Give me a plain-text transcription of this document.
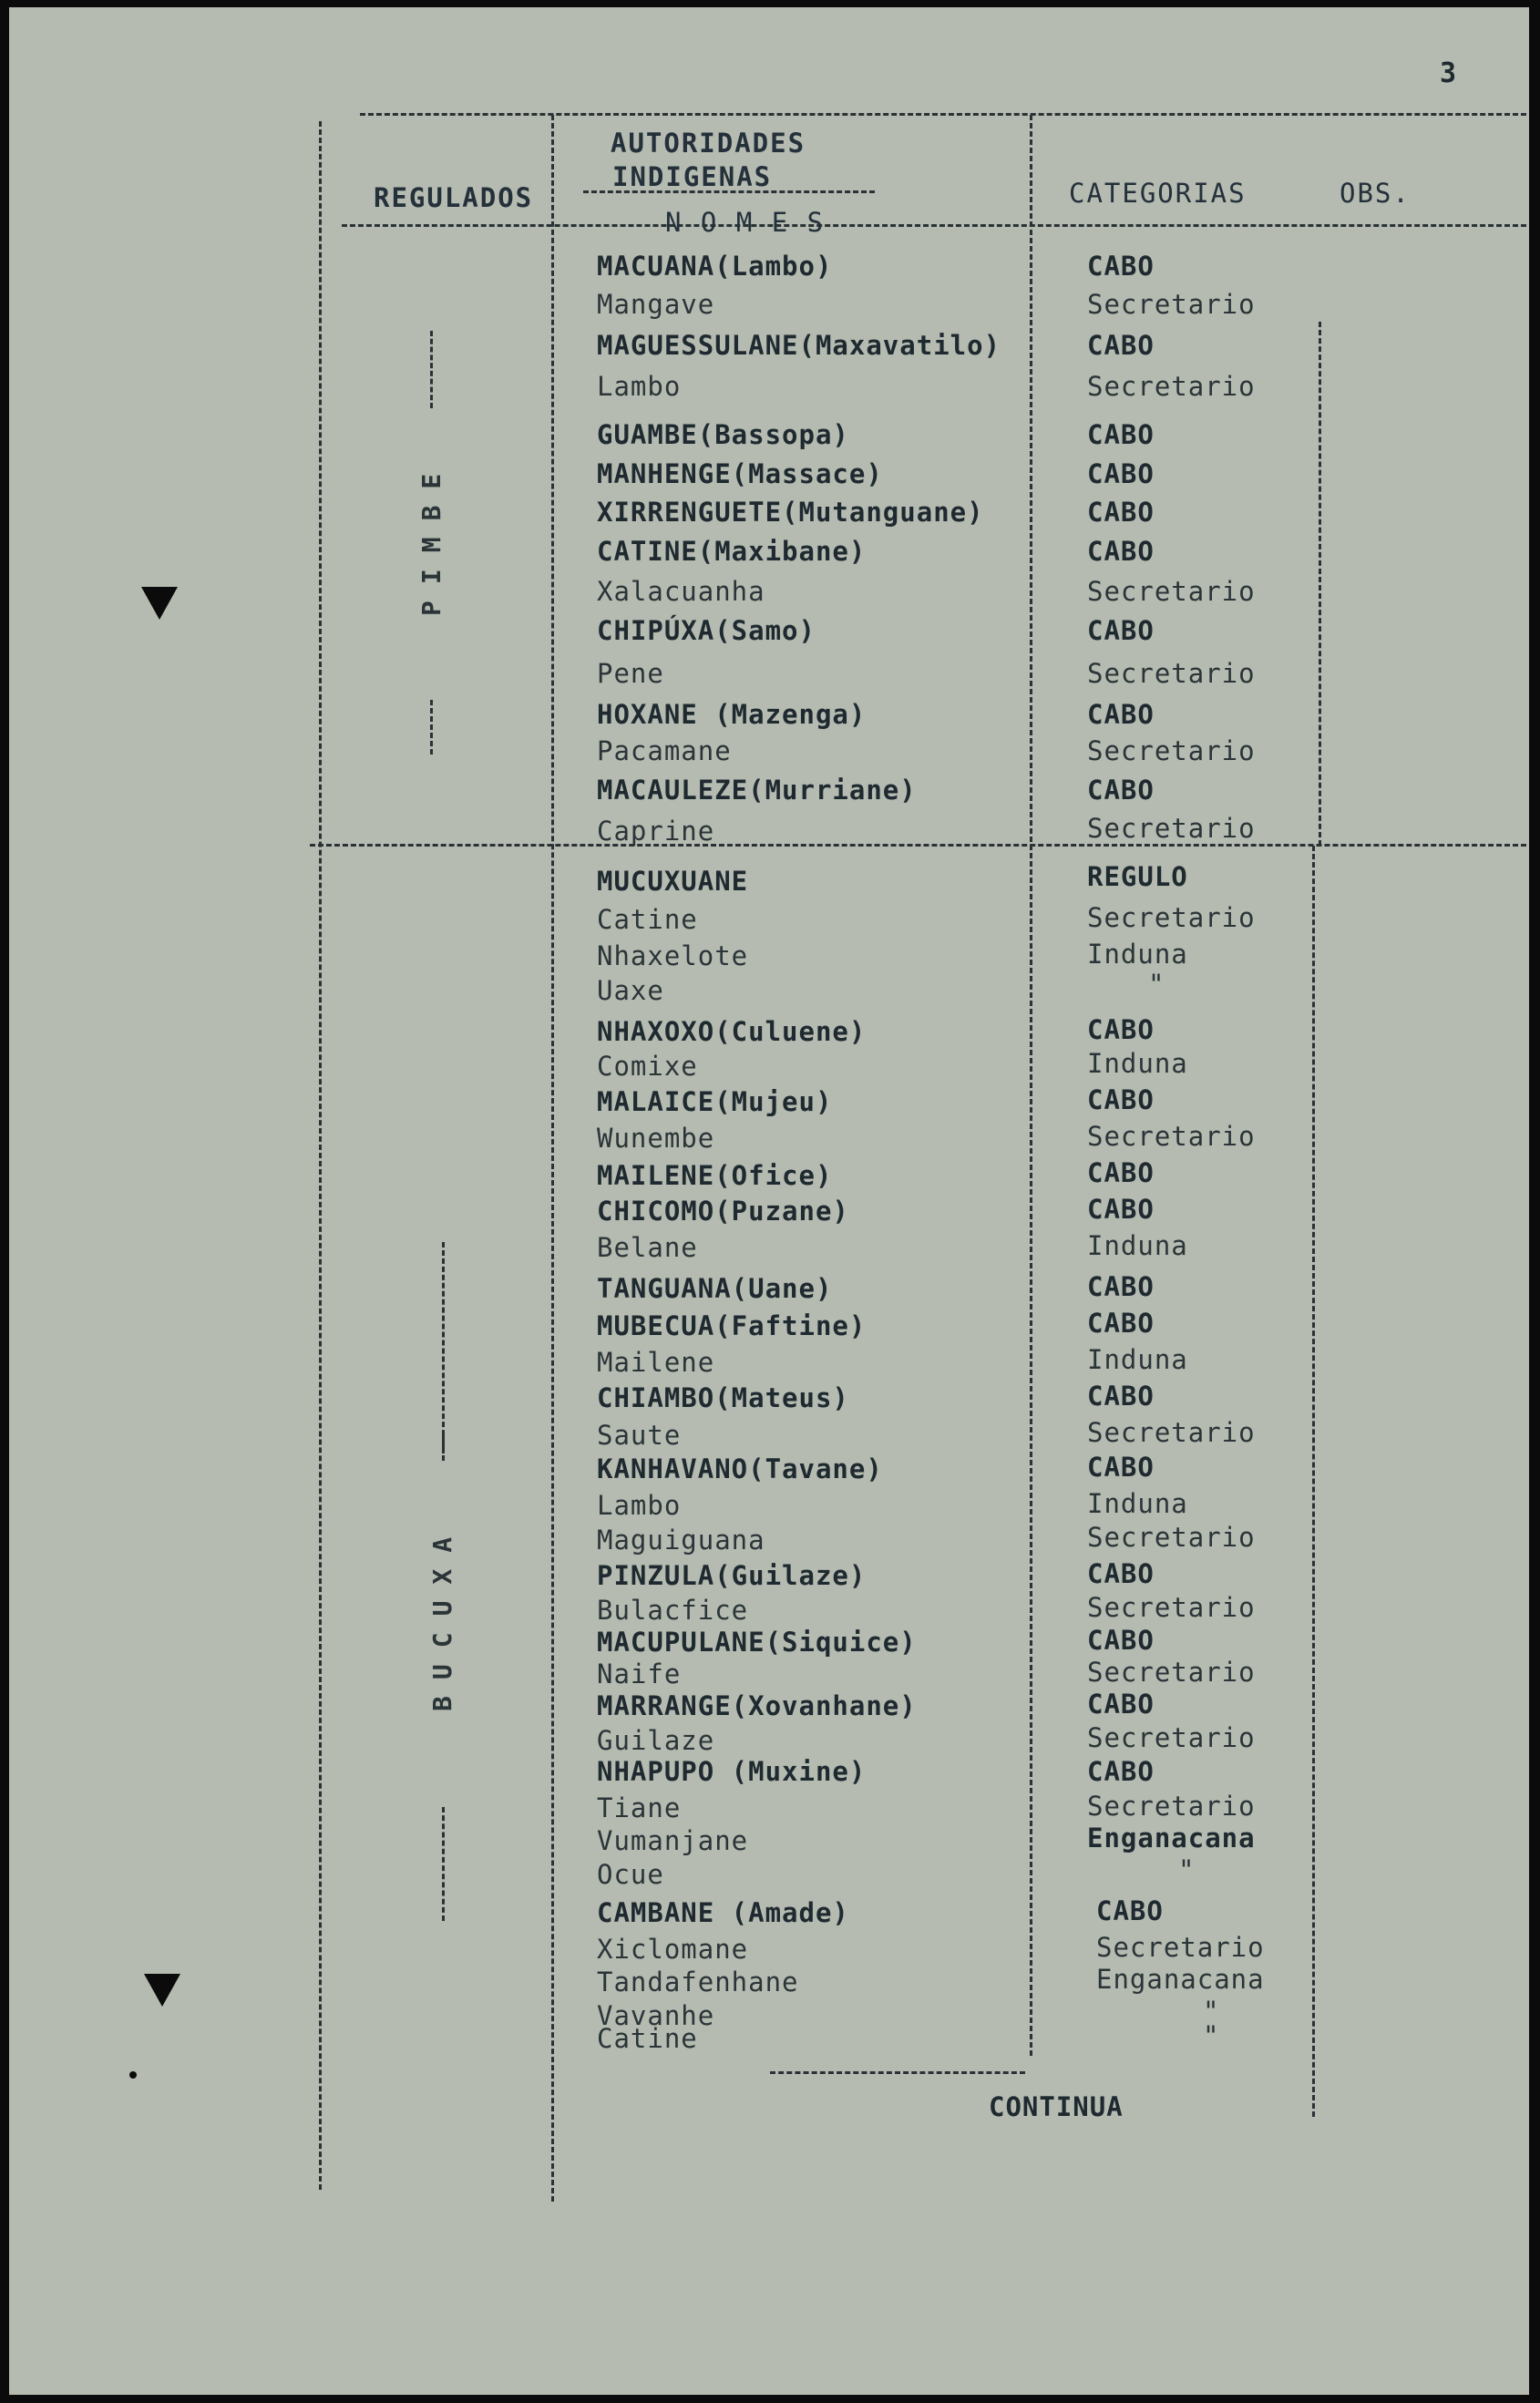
3
REGULADOS
AUTORIDADES
INDIGENAS
N O M E S
CATEGORIAS	OBS.
PIMBE
BUCUXA
MACUANA(Lambo)	CABO
Mangave	Secretario
MAGUESSULANE(Maxavatilo)	CABO
Lambo	Secretario
GUAMBE(Bassopa)	CABO
MANHENGE(Massace)	CABO
XIRRENGUETE(Mutanguane)	CABO
CATINE(Maxibane)	CABO
Xalacuanha	Secretario
CHIPÚXA(Samo)	CABO
Pene	Secretario
HOXANE (Mazenga)	CABO
Pacamane	Secretario
MACAULEZE(Murriane)	CABO
Caprine	Secretario
MUCUXUANE	REGULO
Catine	Secretario
Nhaxelote	Induna
Uaxe	"
NHAXOXO(Culuene)	CABO
Comixe	Induna
MALAICE(Mujeu)	CABO
Wunembe	Secretario
MAILENE(Ofice)	CABO
CHICOMO(Puzane)	CABO
Belane	Induna
TANGUANA(Uane)	CABO
MUBECUA(Faftine)	CABO
Mailene	Induna
CHIAMBO(Mateus)	CABO
Saute	Secretario
KANHAVANO(Tavane)	CABO
Lambo	Induna
Maguiguana	Secretario
PINZULA(Guilaze)	CABO
Bulacfice	Secretario
MACUPULANE(Siquice)	CABO
Naife	Secretario
MARRANGE(Xovanhane)	CABO
Guilaze	Secretario
NHAPUPO (Muxine)	CABO
Tiane	Secretario
Vumanjane	Enganacana
Ocue	"
CAMBANE (Amade)	CABO
Xiclomane	Secretario
Tandafenhane	Enganacana
Vavanhe	"
Catine	"
CONTINUA
